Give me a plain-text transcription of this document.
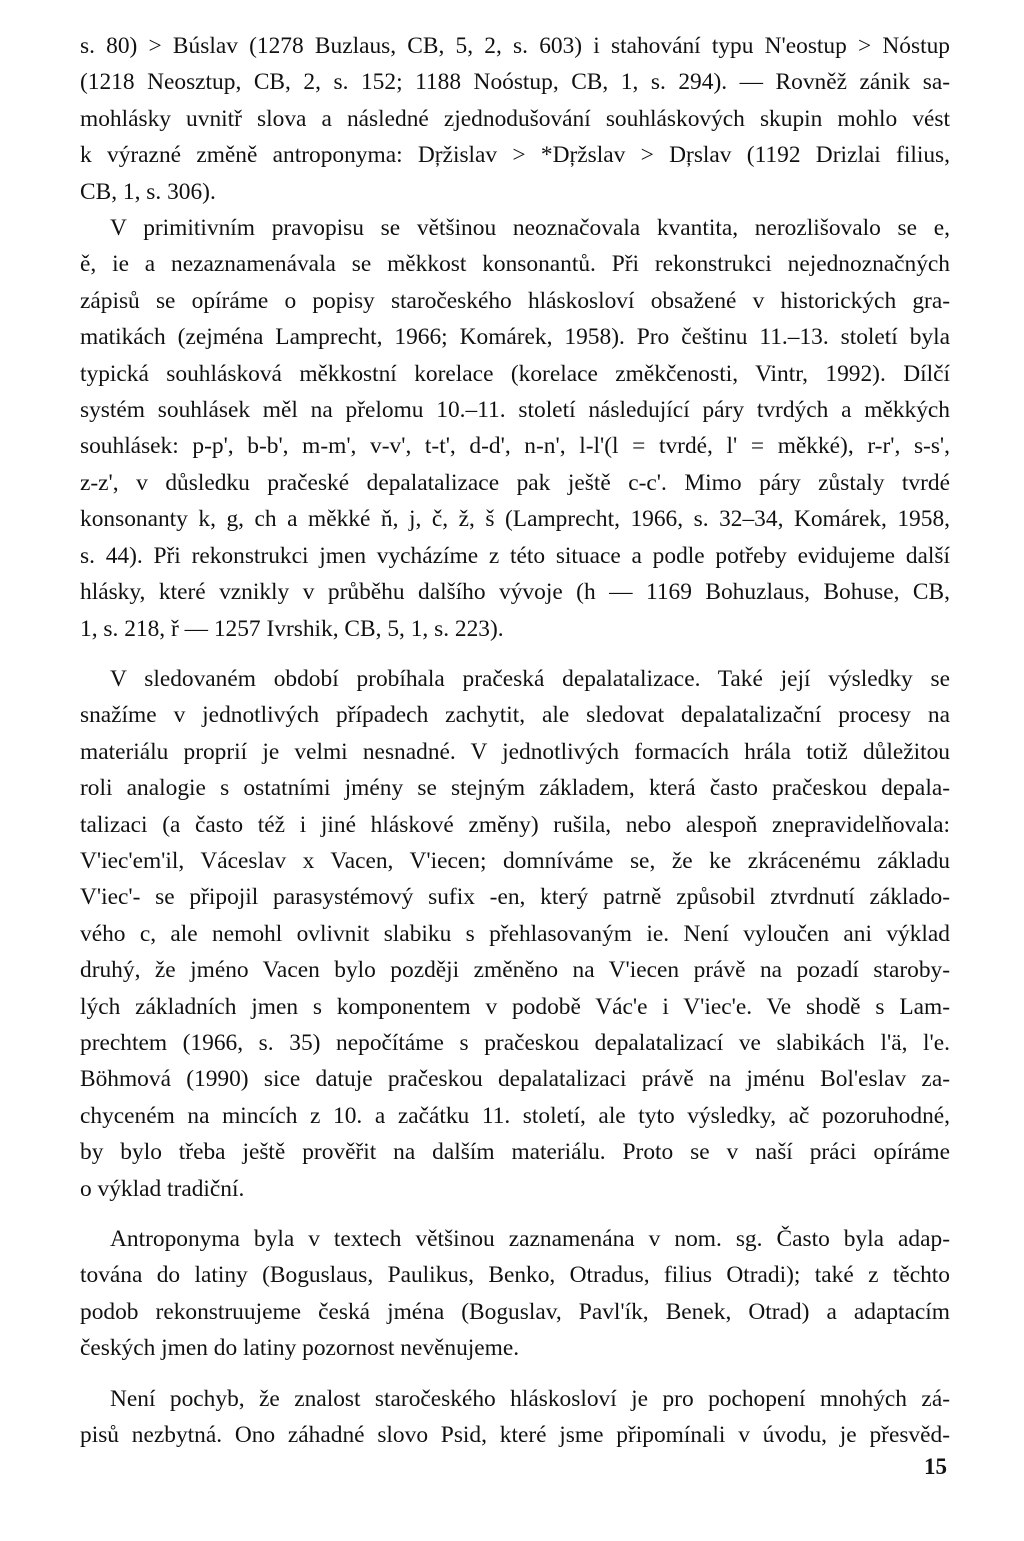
s. 80) > Búslav (1278 Buzlaus, CB, 5, 2, s. 603) i stahování typu N'eostup > Nóstup
(1218 Neosztup, CB, 2, s. 152; 1188 Noóstup, CB, 1, s. 294). — Rovněž zánik sa-
mohlásky uvnitř slova a následné zjednodušování souhláskových skupin mohlo vést
k výrazné změně antroponyma: Dŗžislav > *Dŗžslav > Dŗslav (1192 Drizlai filius,
CB, 1, s. 306).

V primitivním pravopisu se většinou neoznačovala kvantita, nerozlišovalo se e,
ě, ie a nezaznamenávala se měkkost konsonantů. Při rekonstrukci nejednoznačných
zápisů se opíráme o popisy staročeského hláskosloví obsažené v historických gra-
matikách (zejména Lamprecht, 1966; Komárek, 1958). Pro češtinu 11.–13. století byla
typická souhlásková měkkostní korelace (korelace změkčenosti, Vintr, 1992). Dílčí
systém souhlásek měl na přelomu 10.–11. století následující páry tvrdých a měkkých
souhlásek: p-p', b-b', m-m', v-v', t-t', d-d', n-n', l-l'(l = tvrdé, l' = měkké), r-r', s-s',
z-z', v důsledku pračeské depalatalizace pak ještě c-c'. Mimo páry zůstaly tvrdé
konsonanty k, g, ch a měkké ň, j, č, ž, š (Lamprecht, 1966, s. 32–34, Komárek, 1958,
s. 44). Při rekonstrukci jmen vycházíme z této situace a podle potřeby evidujeme další
hlásky, které vznikly v průběhu dalšího vývoje (h — 1169 Bohuzlaus, Bohuse, CB,
1, s. 218, ř — 1257 Ivrshik, CB, 5, 1, s. 223).

V sledovaném období probíhala pračeská depalatalizace. Také její výsledky se
snažíme v jednotlivých případech zachytit, ale sledovat depalatalizační procesy na
materiálu proprií je velmi nesnadné. V jednotlivých formacích hrála totiž důležitou
roli analogie s ostatními jmény se stejným základem, která často pračeskou depala-
talizaci (a často též i jiné hláskové změny) rušila, nebo alespoň znepravidelňovala:
V'iec'em'il, Váceslav x Vacen, V'iecen; domníváme se, že ke zkrácenému základu
V'iec'- se připojil parasystémový sufix -en, který patrně způsobil ztvrdnutí základo-
vého c, ale nemohl ovlivnit slabiku s přehlasovaným ie. Není vyloučen ani výklad
druhý, že jméno Vacen bylo později změněno na V'iecen právě na pozadí staroby-
lých základních jmen s komponentem v podobě Vác'e i V'iec'e. Ve shodě s Lam-
prechtem (1966, s. 35) nepočítáme s pračeskou depalatalizací ve slabikách l'ä, l'e.
Böhmová (1990) sice datuje pračeskou depalatalizaci právě na jménu Bol'eslav za-
chyceném na mincích z 10. a začátku 11. století, ale tyto výsledky, ač pozoruhodné,
by bylo třeba ještě prověřit na dalším materiálu. Proto se v naší práci opíráme
o výklad tradiční.

Antroponyma byla v textech většinou zaznamenána v nom. sg. Často byla adap-
tována do latiny (Boguslaus, Paulikus, Benko, Otradus, filius Otradi); také z těchto
podob rekonstruujeme česká jména (Boguslav, Pavl'ík, Benek, Otrad) a adaptacím
českých jmen do latiny pozornost nevěnujeme.

Není pochyb, že znalost staročeského hláskosloví je pro pochopení mnohých zá-
pisů nezbytná. Ono záhadné slovo Psid, které jsme připomínali v úvodu, je přesvěd-

15
